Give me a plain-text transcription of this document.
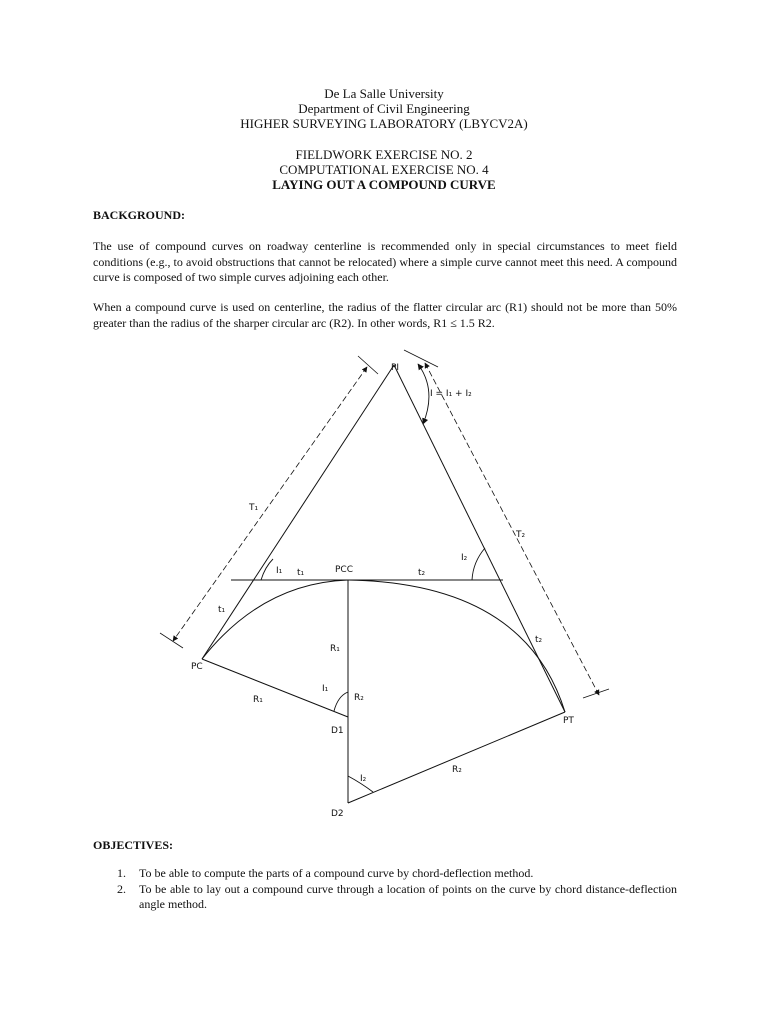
De La Salle University
Department of Civil Engineering
HIGHER SURVEYING LABORATORY (LBYCV2A)
FIELDWORK EXERCISE NO. 2
COMPUTATIONAL EXERCISE NO. 4
LAYING OUT A COMPOUND CURVE
BACKGROUND:
The use of compound curves on roadway centerline is recommended only in special circumstances to meet field conditions (e.g., to avoid obstructions that cannot be relocated) where a simple curve cannot meet this need. A compound curve is composed of two simple curves adjoining each other.
When a compound curve is used on centerline, the radius of the flatter circular arc (R1) should not be more than 50% greater than the radius of the sharper circular arc (R2). In other words, R1 ≤ 1.5 R2.
PI
I = I₁ + I₂
T₁
T₂
I₁ t₁	PCC	t₂
I₂
t₁
t₂
R₁
PC
R₁
I₁
R₂
D1
PT
R₂
I₂
D2
OBJECTIVES:
1. To be able to compute the parts of a compound curve by chord-deflection method.
2. To be able to lay out a compound curve through a location of points on the curve by chord distance-deflection angle method.
